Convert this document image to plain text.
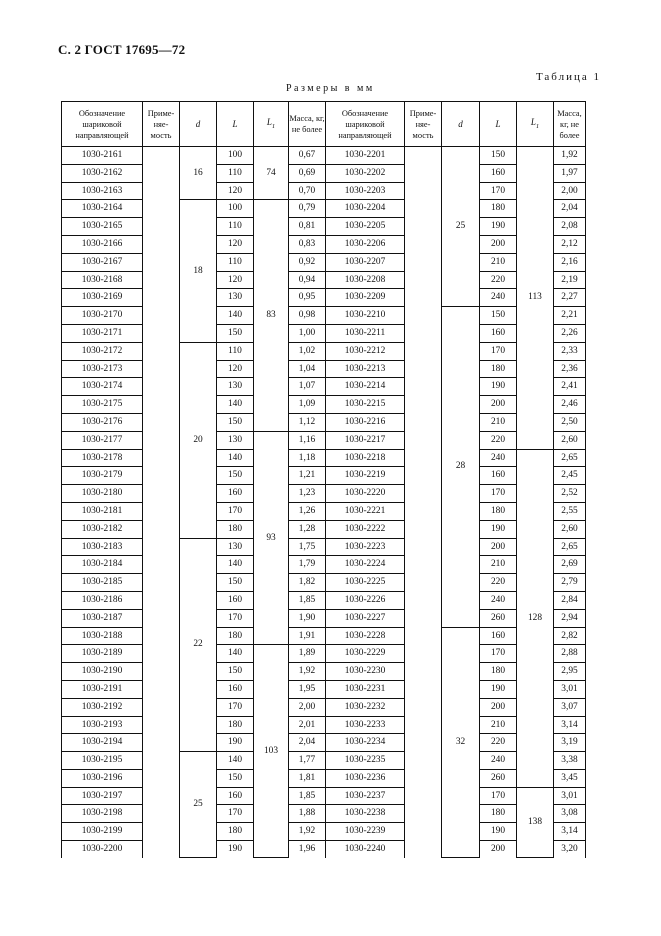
С. 2 ГОСТ 17695—72
Таблица 1
Размеры в мм
Обозначение шариковой направляющей	Приме- няе- мость	d	L	$L_1$	Масса, кг, не более	Обозначение шариковой направляющей	Приме- няе- мость	d	L	$L_1$	Масса, кг, не более
1030-2161		16	100	74	0,67	1030-2201		25	150	113	1,92
1030-2162			110		0,69	1030-2202			160		1,97
1030-2163			120		0,70	1030-2203			170		2,00
1030-2164		18	100	83	0,79	1030-2204			180		2,04
1030-2165			110		0,81	1030-2205			190		2,08
1030-2166			120		0,83	1030-2206			200		2,12
1030-2167			110		0,92	1030-2207			210		2,16
1030-2168			120		0,94	1030-2208			220		2,19
1030-2169			130		0,95	1030-2209			240		2,27
1030-2170			140		0,98	1030-2210		28	150		2,21
1030-2171			150		1,00	1030-2211			160		2,26
1030-2172		20	110		1,02	1030-2212			170		2,33
1030-2173			120		1,04	1030-2213			180		2,36
1030-2174			130		1,07	1030-2214			190		2,41
1030-2175			140		1,09	1030-2215			200		2,46
1030-2176			150		1,12	1030-2216			210		2,50
1030-2177			130	93	1,16	1030-2217			220		2,60
1030-2178			140		1,18	1030-2218			240	128	2,65
1030-2179			150		1,21	1030-2219			160		2,45
1030-2180			160		1,23	1030-2220			170		2,52
1030-2181			170		1,26	1030-2221			180		2,55
1030-2182			180		1,28	1030-2222			190		2,60
1030-2183		22	130		1,75	1030-2223			200		2,65
1030-2184			140		1,79	1030-2224			210		2,69
1030-2185			150		1,82	1030-2225			220		2,79
1030-2186			160		1,85	1030-2226			240		2,84
1030-2187			170		1,90	1030-2227			260		2,94
1030-2188			180		1,91	1030-2228		32	160		2,82
1030-2189			140	103	1,89	1030-2229			170		2,88
1030-2190			150		1,92	1030-2230			180		2,95
1030-2191			160		1,95	1030-2231			190		3,01
1030-2192			170		2,00	1030-2232			200		3,07
1030-2193			180		2,01	1030-2233			210		3,14
1030-2194			190		2,04	1030-2234			220		3,19
1030-2195		25	140		1,77	1030-2235			240		3,38
1030-2196			150		1,81	1030-2236			260		3,45
1030-2197			160		1,85	1030-2237			170	138	3,01
1030-2198			170		1,88	1030-2238			180		3,08
1030-2199			180		1,92	1030-2239			190		3,14
1030-2200			190		1,96	1030-2240			200		3,20
